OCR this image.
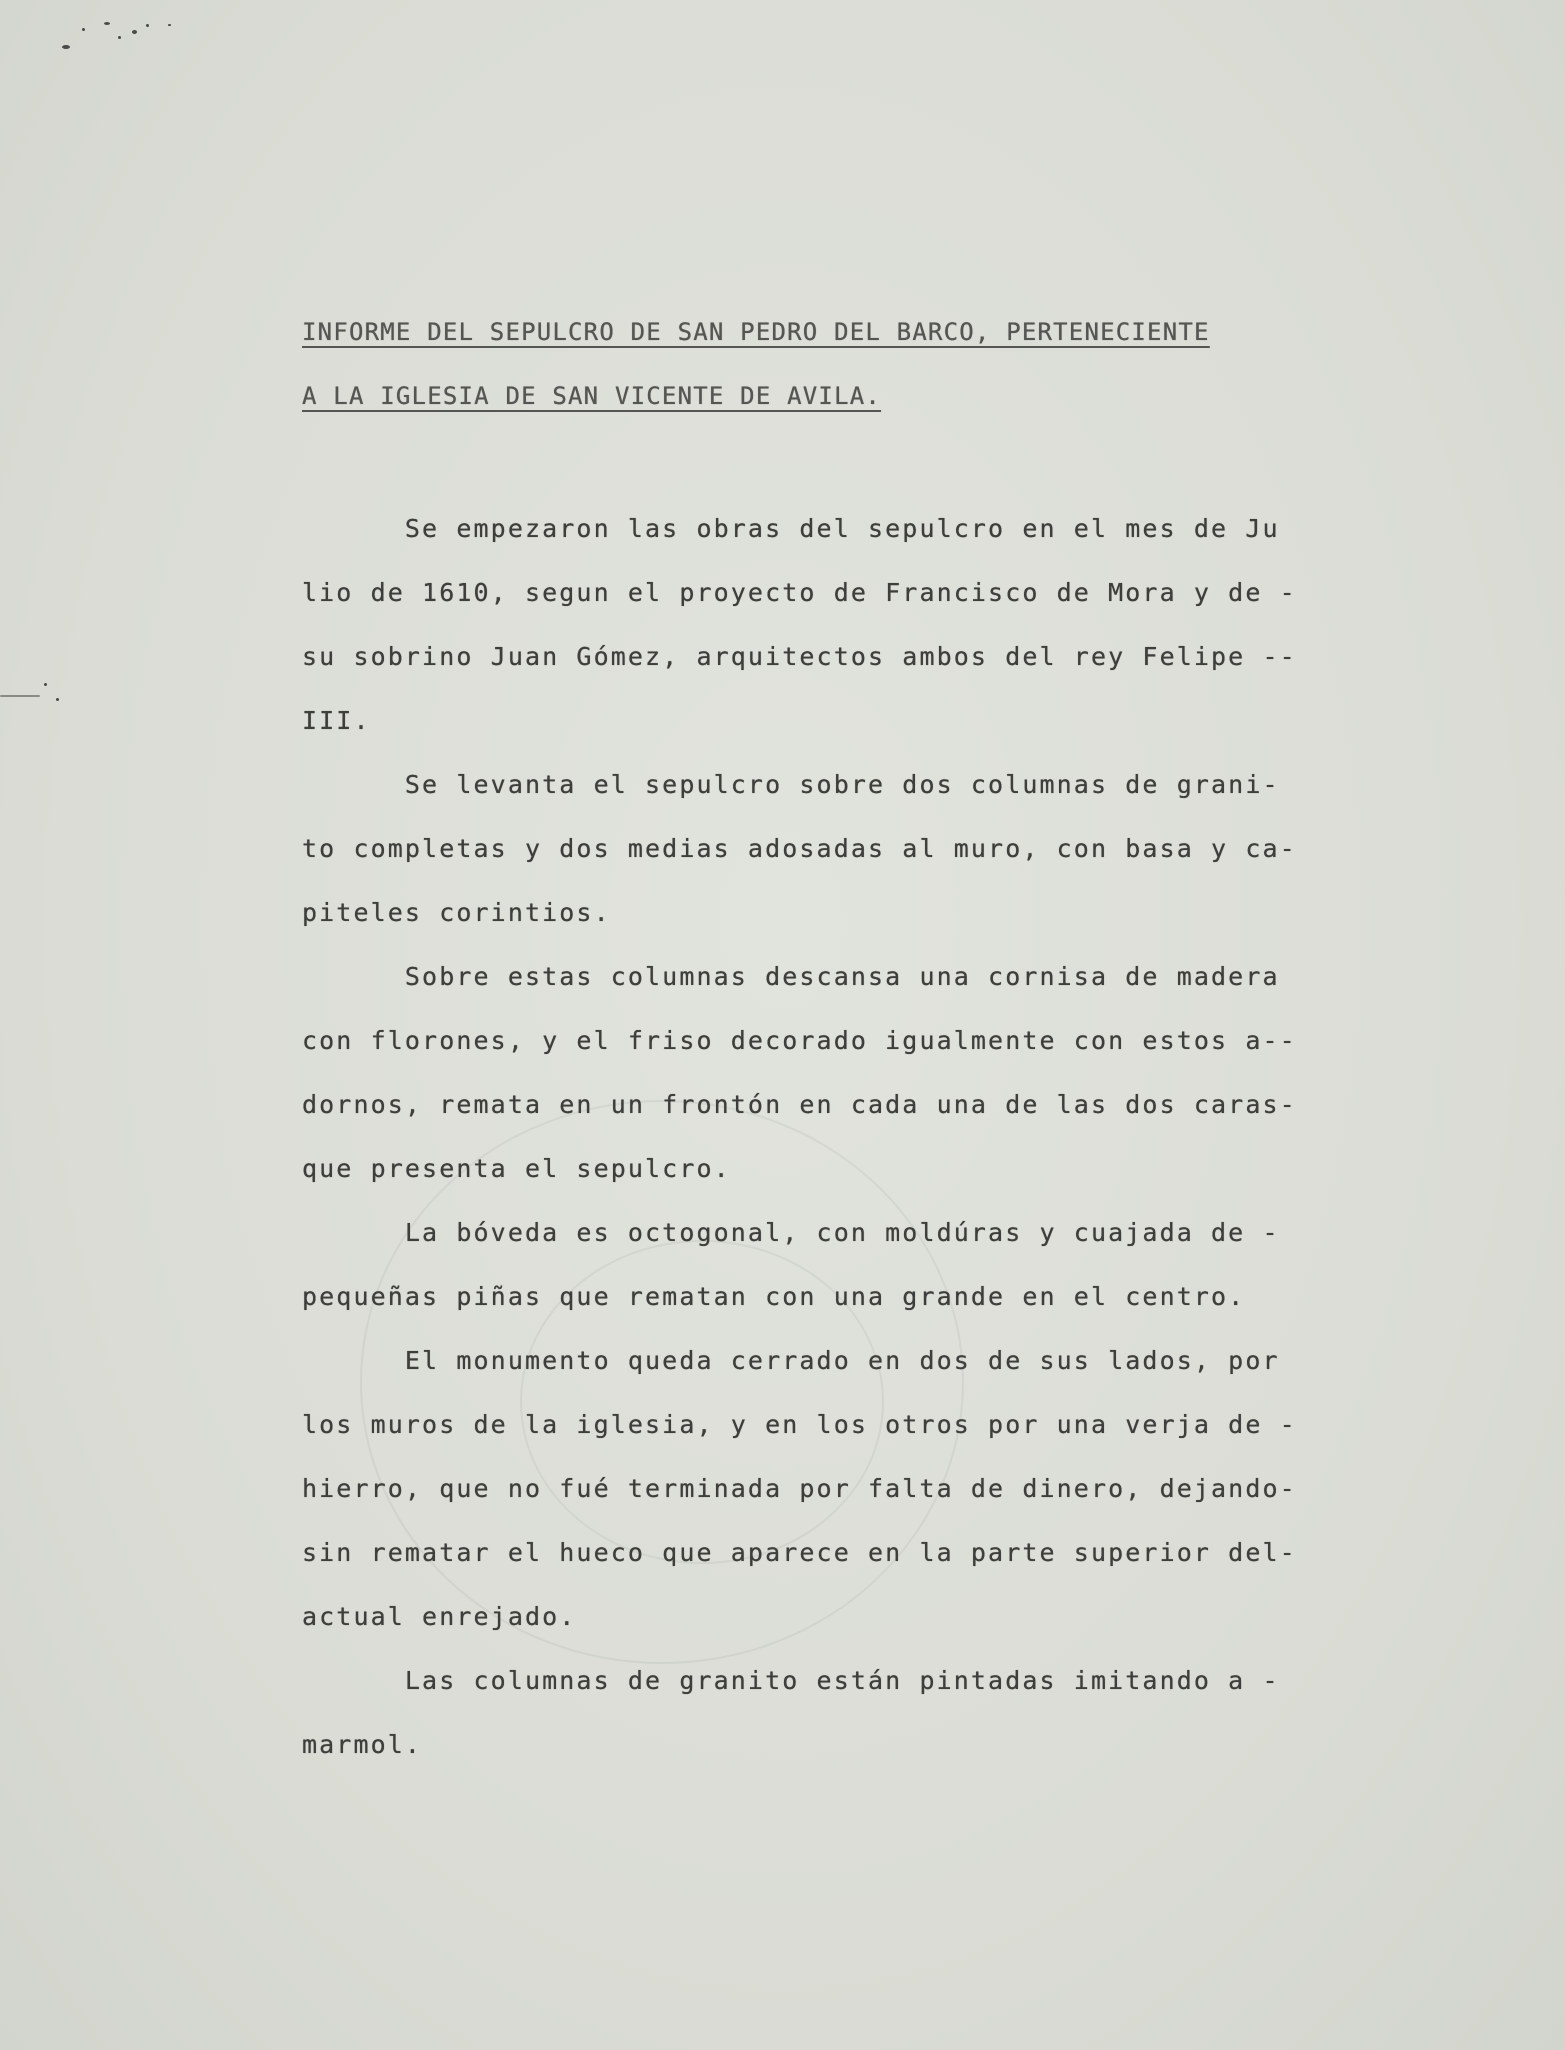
INFORME DEL SEPULCRO DE SAN PEDRO DEL BARCO, PERTENECIENTE
A LA IGLESIA DE SAN VICENTE DE AVILA.
Se empezaron las obras del sepulcro en el mes de Ju
lio de 1610, segun el proyecto de Francisco de Mora y de -
su sobrino Juan Gómez, arquitectos ambos del rey Felipe --
III.
Se levanta el sepulcro sobre dos columnas de grani-
to completas y dos medias adosadas al muro, con basa y ca-
piteles corintios.
Sobre estas columnas descansa una cornisa de madera
con florones, y el friso decorado igualmente con estos a--
dornos, remata en un frontón en cada una de las dos caras-
que presenta el sepulcro.
La bóveda es octogonal, con moldúras y cuajada de -
pequeñas piñas que rematan con una grande en el centro.
El monumento queda cerrado en dos de sus lados, por
los muros de la iglesia, y en los otros por una verja de -
hierro, que no fué terminada por falta de dinero, dejando-
sin rematar el hueco que aparece en la parte superior del-
actual enrejado.
Las columnas de granito están pintadas imitando a -
marmol.
